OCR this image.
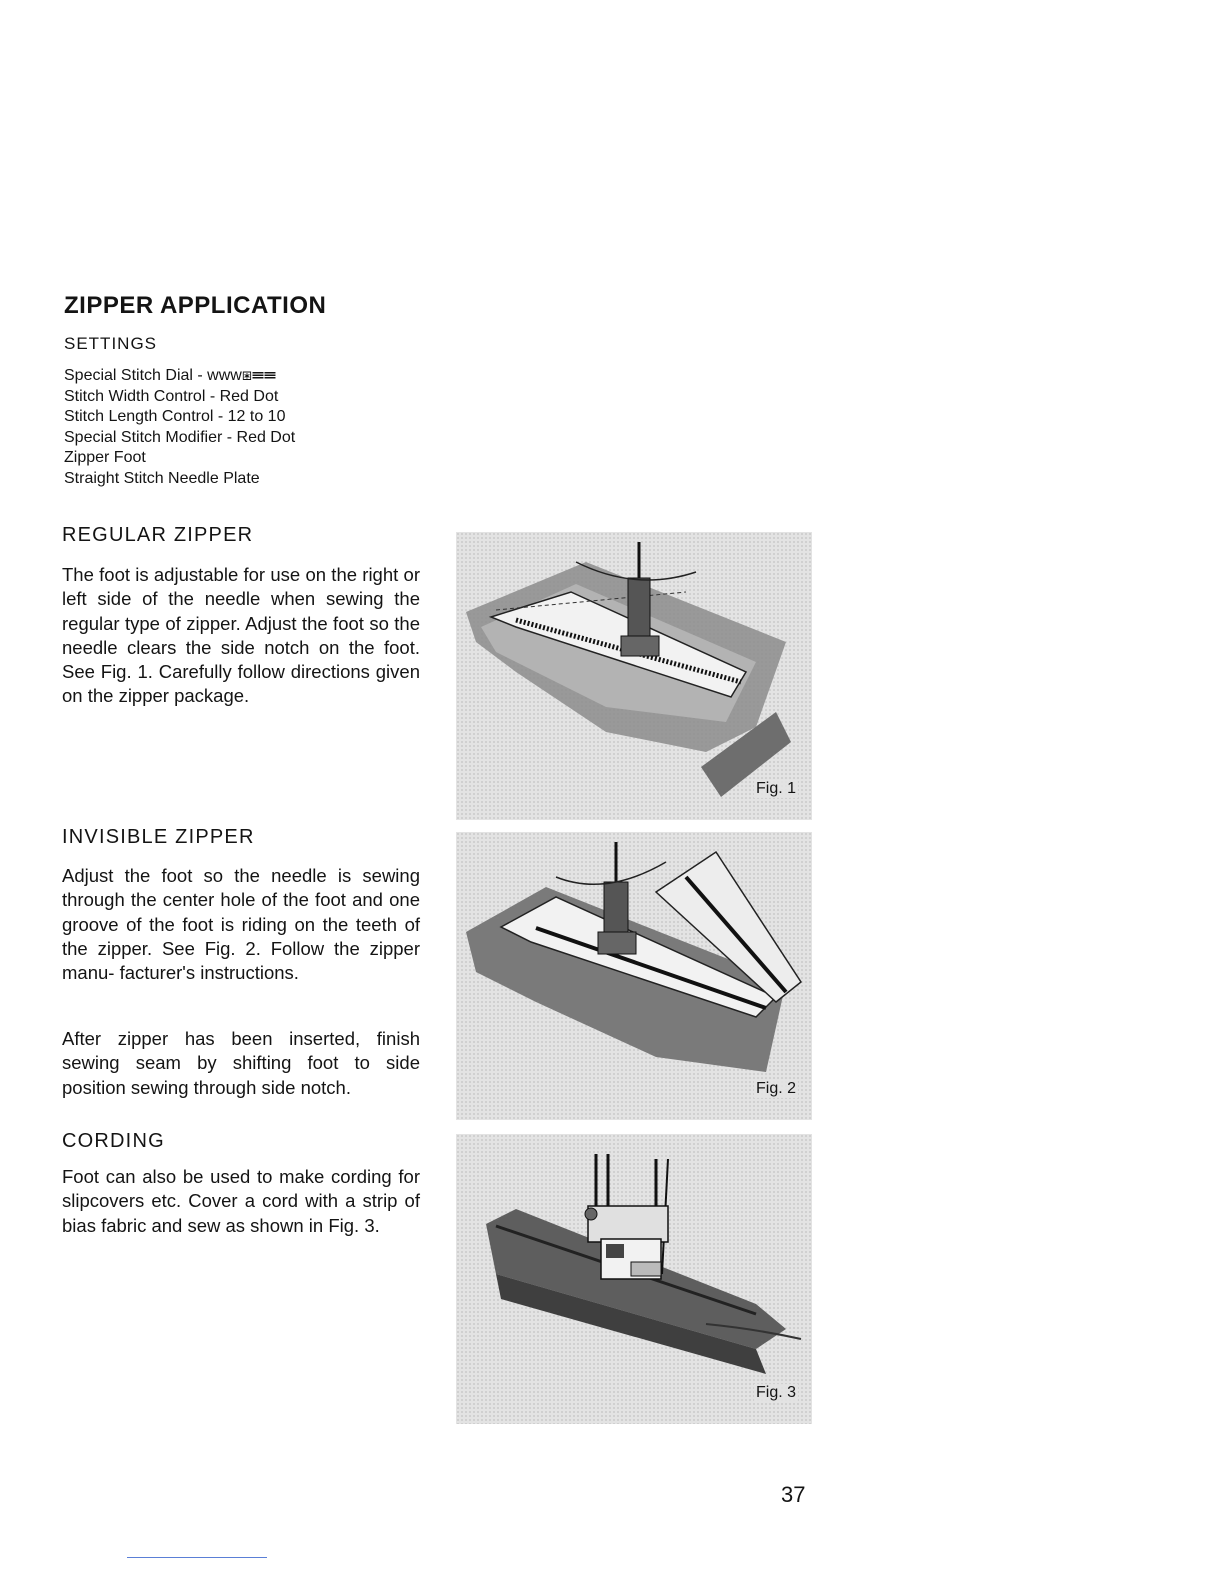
ZIPPER APPLICATION
SETTINGS
Special Stitch Dial - ᴡᴡᴡ⧆☰☰
Stitch Width Control - Red Dot
Stitch Length Control - 12 to 10
Special Stitch Modifier - Red Dot
Zipper Foot
Straight Stitch Needle Plate
REGULAR ZIPPER

The foot is adjustable for use on the right or left side of the needle when sewing the regular type of zipper. Adjust the foot so the needle clears the side notch on the foot. See Fig. 1. Carefully follow directions given on the zipper package.

INVISIBLE ZIPPER

Adjust the foot so the needle is sewing through the center hole of the foot and one groove of the foot is riding on the teeth of the zipper. See Fig. 2. Follow the zipper manu- facturer's instructions.

After zipper has been inserted, finish sewing seam by shifting foot to side position sewing through side notch.

CORDING

Foot can also be used to make cording for slipcovers etc. Cover a cord with a strip of bias fabric and sew as shown in Fig. 3.

Fig. 1
Fig. 2
Fig. 3
37
